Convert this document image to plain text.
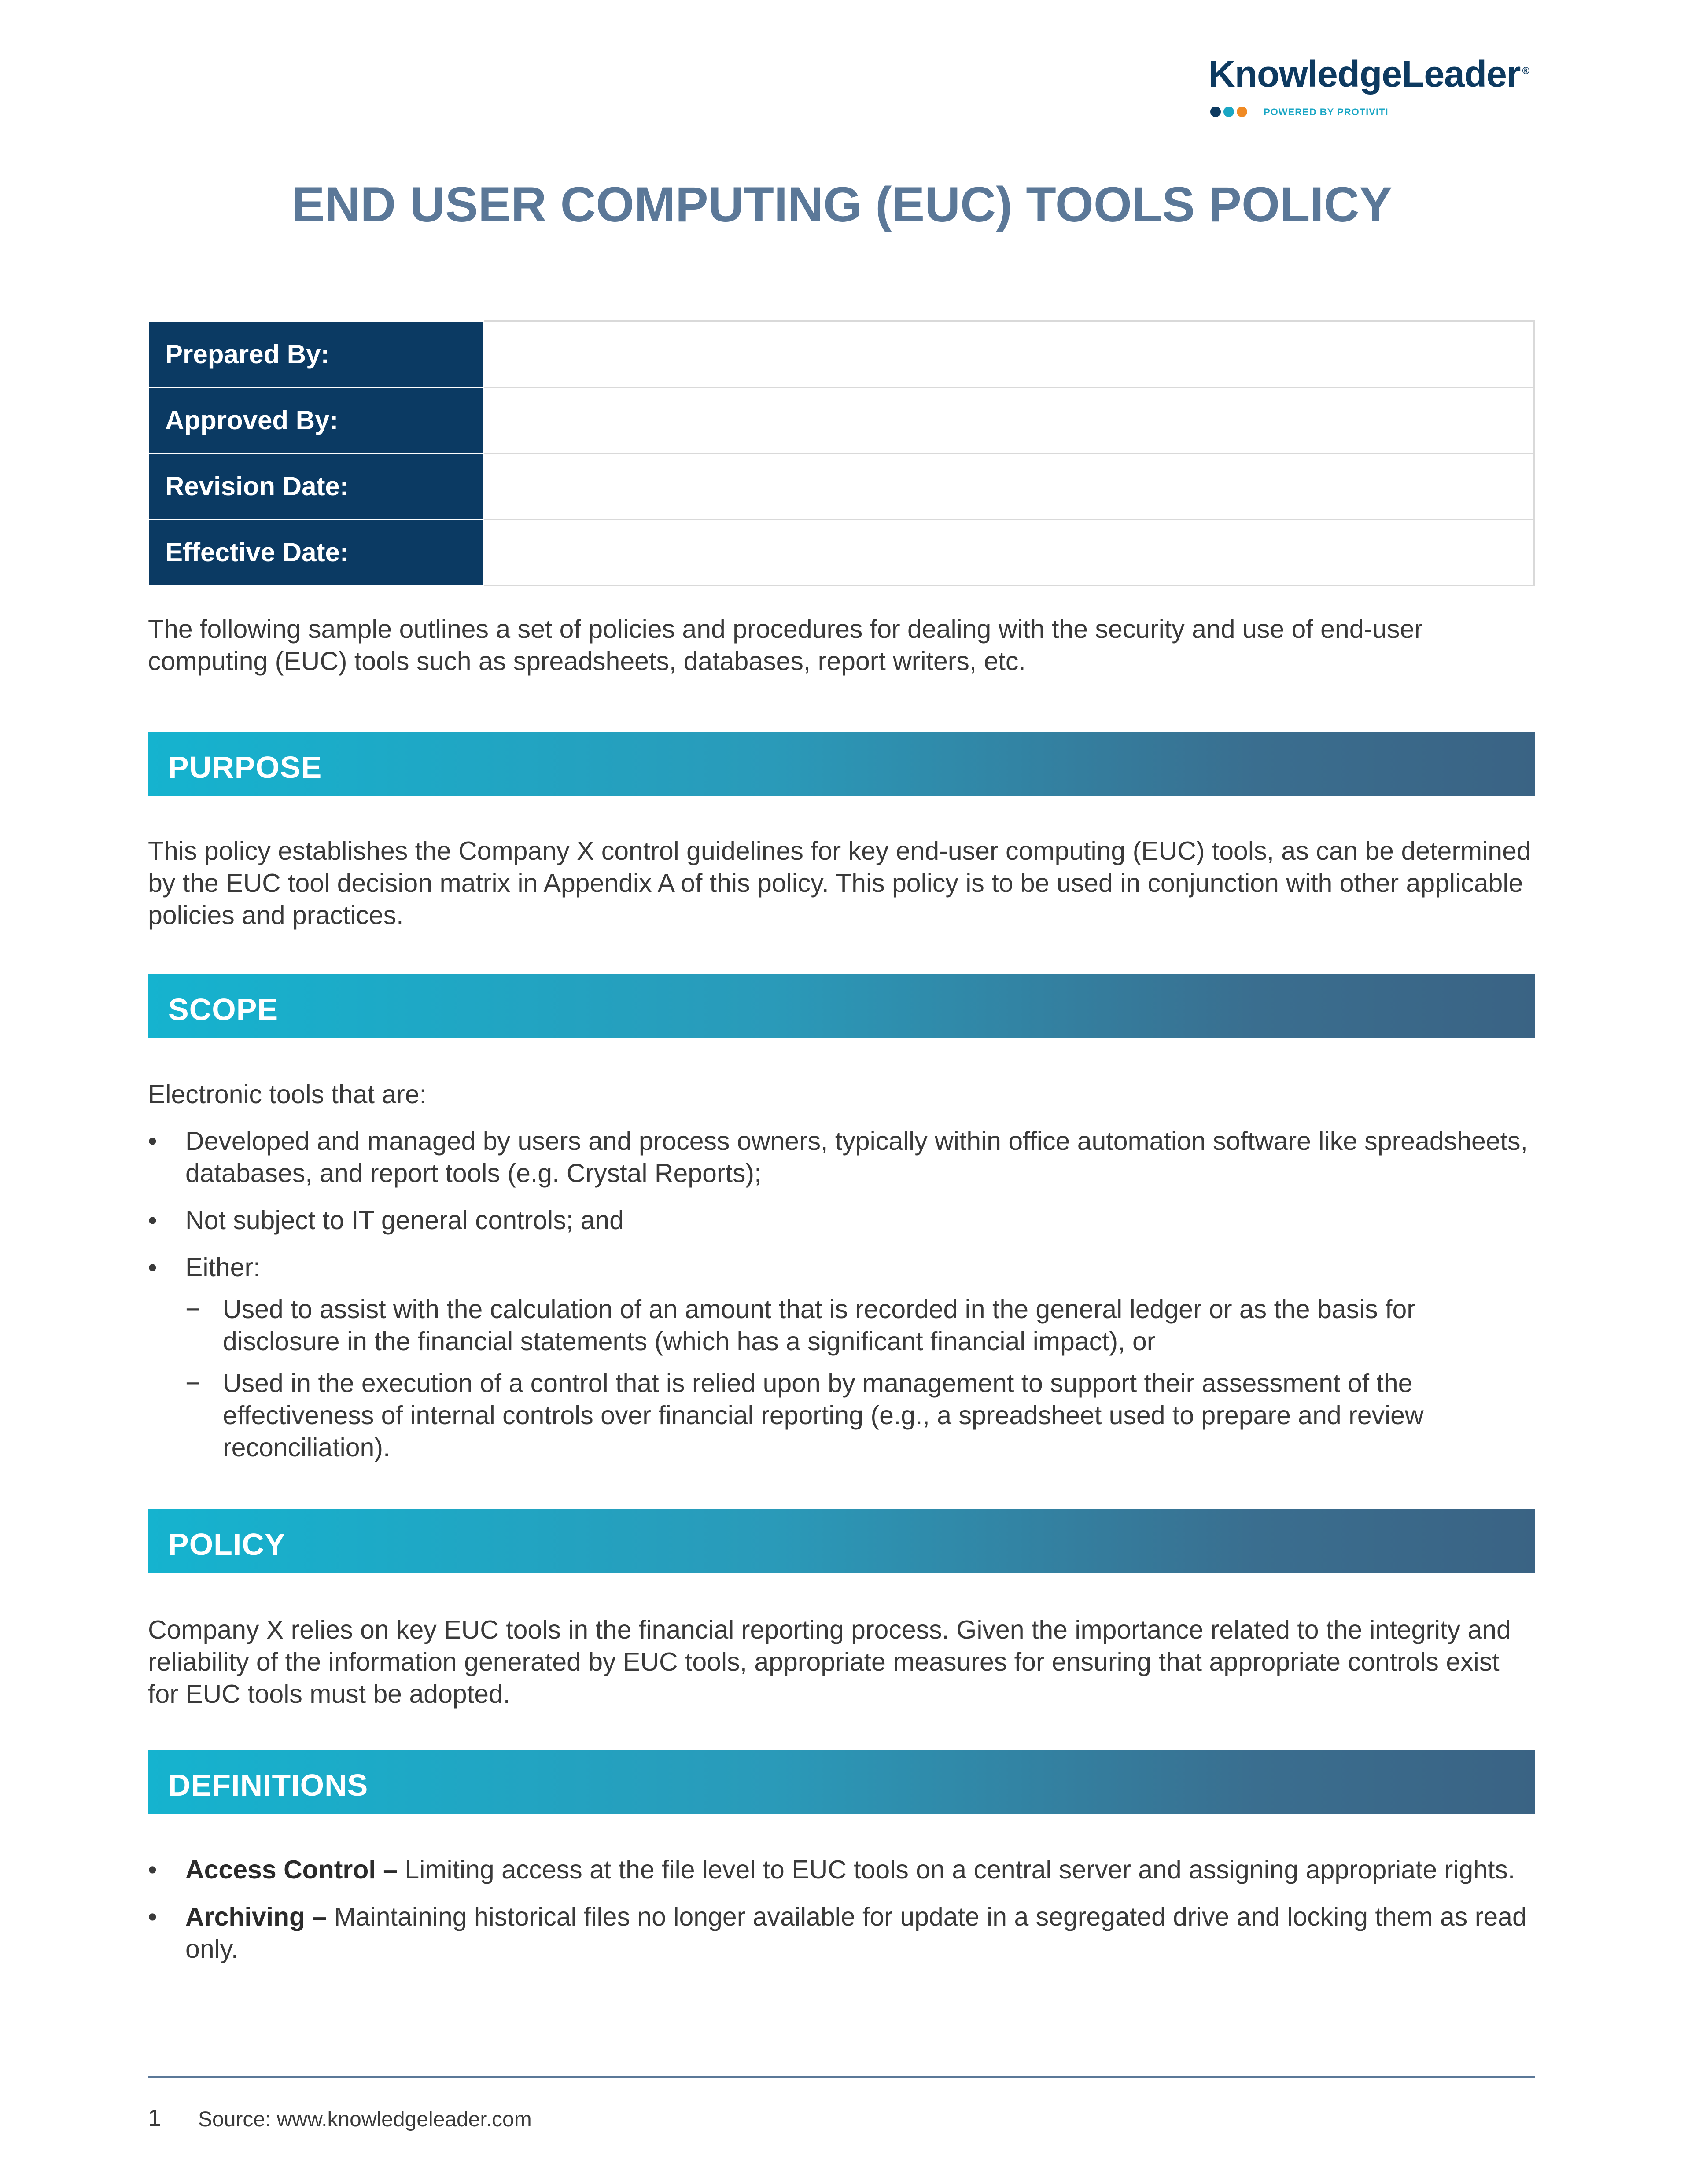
KnowledgeLeader ®
POWERED BY PROTIVITI
END USER COMPUTING (EUC) TOOLS POLICY
Prepared By:	
Approved By:	
Revision Date:	
Effective Date:	
The following sample outlines a set of policies and procedures for dealing with the security and use of end-user computing (EUC) tools such as spreadsheets, databases, report writers, etc.
PURPOSE
This policy establishes the Company X control guidelines for key end-user computing (EUC) tools, as can be determined by the EUC tool decision matrix in Appendix A of this policy. This policy is to be used in conjunction with other applicable policies and practices.
SCOPE
Electronic tools that are:
• Developed and managed by users and process owners, typically within office automation software like spreadsheets, databases, and report tools (e.g. Crystal Reports);
• Not subject to IT general controls; and
• Either:
− Used to assist with the calculation of an amount that is recorded in the general ledger or as the basis for disclosure in the financial statements (which has a significant financial impact), or
− Used in the execution of a control that is relied upon by management to support their assessment of the effectiveness of internal controls over financial reporting (e.g., a spreadsheet used to prepare and review reconciliation).
POLICY
Company X relies on key EUC tools in the financial reporting process. Given the importance related to the integrity and reliability of the information generated by EUC tools, appropriate measures for ensuring that appropriate controls exist for EUC tools must be adopted.
DEFINITIONS
• Access Control – Limiting access at the file level to EUC tools on a central server and assigning appropriate rights.
• Archiving – Maintaining historical files no longer available for update in a segregated drive and locking them as read only.
1 Source: www.knowledgeleader.com
